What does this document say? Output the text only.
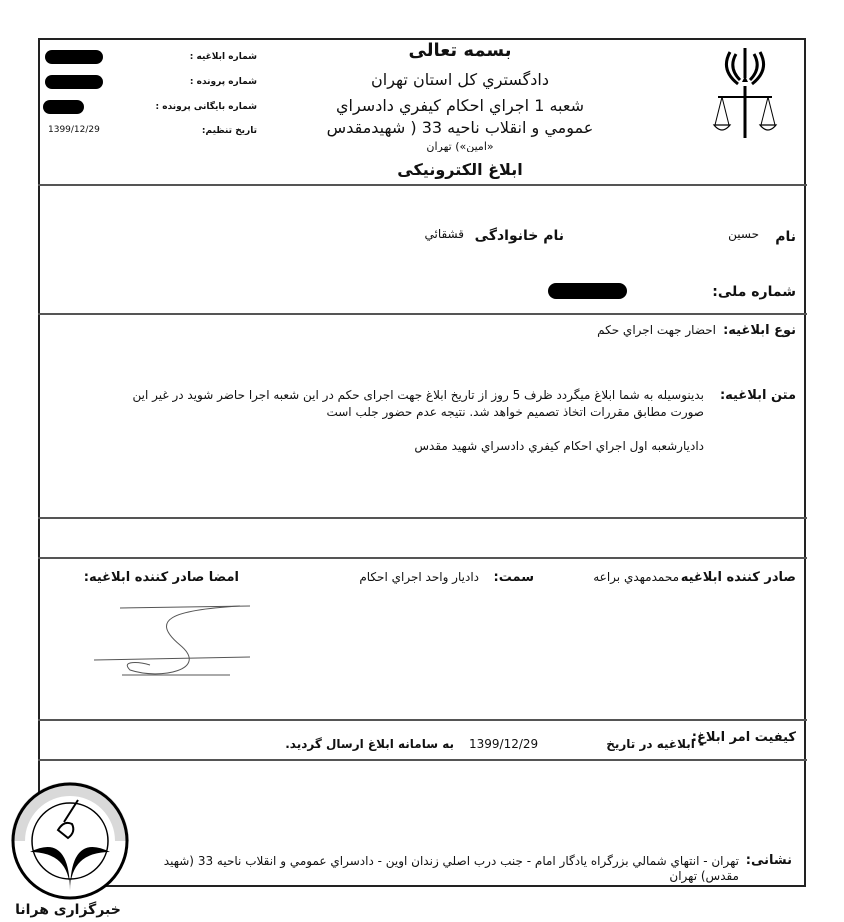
شماره ابلاغیه :
شماره پرونده :
شماره بایگانی پرونده :
تاریخ تنظیم:
1399/12/29
بسمه تعالی
دادگستري کل استان تهران
شعبه 1 اجراي احکام کيفري دادسراي
عمومي و انقلاب ناحيه 33 ( شهيدمقدس
«امین») تهران
ابلاغ الکترونیکی
نام
حسین
نام خانوادگی
قشقائي
شماره ملی:
نوع ابلاغیه:
احضار جهت اجراي حکم
متن ابلاغیه:
بدینوسیله به شما ابلاغ میگردد ظرف 5 روز از تاریخ ابلاغ جهت اجرای حکم در این شعبه اجرا حاضر شوید در غیر این
صورت مطابق مقررات اتخاذ تصمیم خواهد شد. نتیجه عدم حضور جلب است
دادیارشعبه اول اجراي احکام کيفري دادسراي شهید مقدس
صادر کننده ابلاغیه
محمدمهدي براعه
سمت:
دادیار واحد اجراي احکام
امضا صادر کننده ابلاغیه:
کیفیت امر ابلاغ:
- ابلاغیه در تاریخ
1399/12/29
به سامانه ابلاغ ارسال گردید.
نشانی:
تهران - انتهاي شمالي بزرگراه يادگار امام - جنب درب اصلي زندان اوين - دادسراي عمومي و انقلاب ناحيه 33 (شهيد
مقدس) تهران
خبرگزاری هرانا
